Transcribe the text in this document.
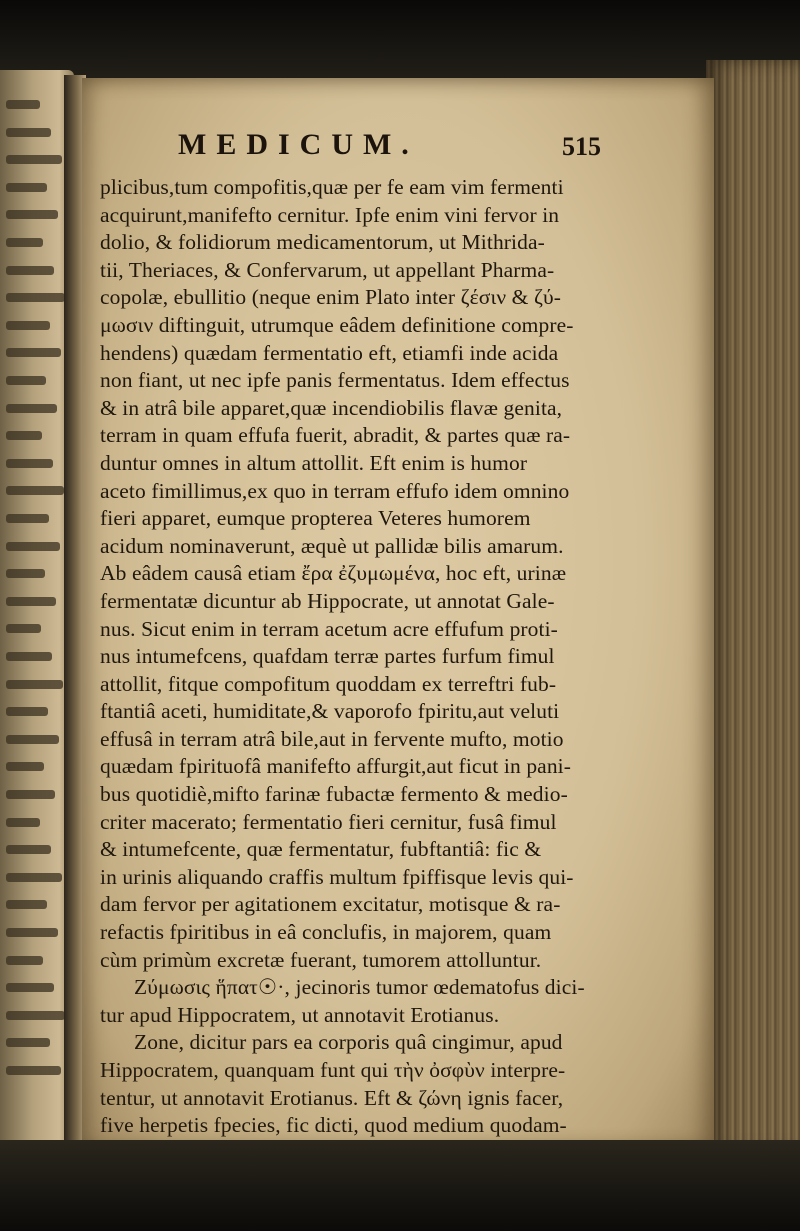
MEDICUM.	515
plicibus,tum compofitis,quæ per fe eam vim fermenti
acquirunt,manifefto cernitur. Ipfe enim vini fervor in
dolio, & folidiorum medicamentorum, ut Mithrida-
tii, Theriaces, & Confervarum, ut appellant Pharma-
copolæ, ebullitio (neque enim Plato inter ζέσιν & ζύ-
μωσιν diftinguit, utrumque eâdem definitione compre-
hendens) quædam fermentatio eft, etiamfi inde acida
non fiant, ut nec ipfe panis fermentatus. Idem effectus
& in atrâ bile apparet,quæ incendiobilis flavæ genita,
terram in quam effufa fuerit, abradit, & partes quæ ra-
duntur omnes in altum attollit. Eft enim is humor
aceto fimillimus,ex quo in terram effufo idem omnino
fieri apparet, eumque propterea Veteres humorem
acidum nominaverunt, æquè ut pallidæ bilis amarum.
Ab eâdem causâ etiam ἔρα ἐζυμωμένα, hoc eft, urinæ
fermentatæ dicuntur ab Hippocrate, ut annotat Gale-
nus. Sicut enim in terram acetum acre effufum proti-
nus intumefcens, quafdam terræ partes furfum fimul
attollit, fitque compofitum quoddam ex terreftri fub-
ftantiâ aceti, humiditate,& vaporofo fpiritu,aut veluti
effusâ in terram atrâ bile,aut in fervente mufto, motio
quædam fpirituofâ manifefto affurgit,aut ficut in pani-
bus quotidiè,mifto farinæ fubactæ fermento & medio-
criter macerato; fermentatio fieri cernitur, fusâ fimul
& intumefcente, quæ fermentatur, fubftantiâ: fic &
in urinis aliquando craffis multum fpiffisque levis qui-
dam fervor per agitationem excitatur, motisque & ra-
refactis fpiritibus in eâ conclufis, in majorem, quam
cùm primùm excretæ fuerant, tumorem attolluntur.
Ζύμωσις ἥπατ☉·, jecinoris tumor œdematofus dici-
tur apud Hippocratem, ut annotavit Erotianus.
Zone, dicitur pars ea corporis quâ cingimur, apud
Hippocratem, quanquam funt qui τὴν ὀσφὺν interpre-
tentur, ut annotavit Erotianus. Eft & ζώνη ignis facer,
five herpetis fpecies, fic dicti, quod medium quodam-
